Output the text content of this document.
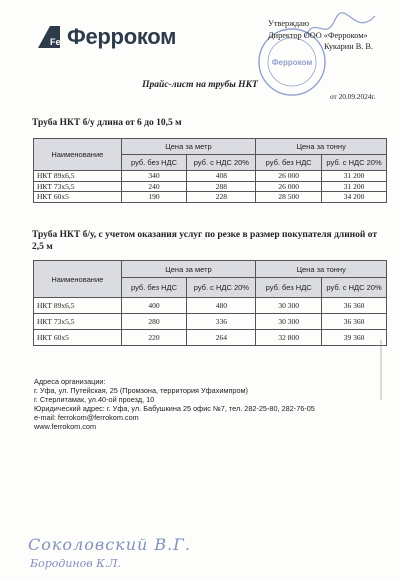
Fe Ферроком
Ферроком
Утверждаю
Директор ООО «Ферроком»
Кукарин В. В.
Прайс-лист на трубы НКТ
от 20.09.2024г.
Труба НКТ б/у длина от 6 до 10,5 м
Наименование	Цена за метр		Цена за тонну	
	руб. без НДС	руб. с НДС 20%	руб. без НДС	руб. с НДС 20%
НКТ 89х6,5	340	408	26 000	31 200
НКТ 73х5,5	240	288	26 000	31 200
НКТ 60х5	190	228	28 500	34 200
Труба НКТ б/у, с учетом оказания услуг по резке в размер покупателя длиной от 2,5 м
Наименование	Цена за метр		Цена за тонну	
	руб. без НДС	руб. с НДС 20%	руб. без НДС	руб. с НДС 20%
НКТ 89х6,5	400	480	30 300	36 360
НКТ 73х5,5	280	336	30 300	36 360
НКТ 60х5	220	264	32 800	39 360
Адреса организации:
г. Уфа, ул. Путейская, 25 (Промзона, территория Уфахимпром)
г. Стерлитамак, ул.40-ой проезд, 10
Юридический адрес: г. Уфа, ул. Бабушкина 25 офис №7, тел. 282-25-80, 282-76-05
e-mail: ferrokom@ferrokom.com
www.ferrokom.com
Соколовский В.Г.
Бородинов К.Л.
